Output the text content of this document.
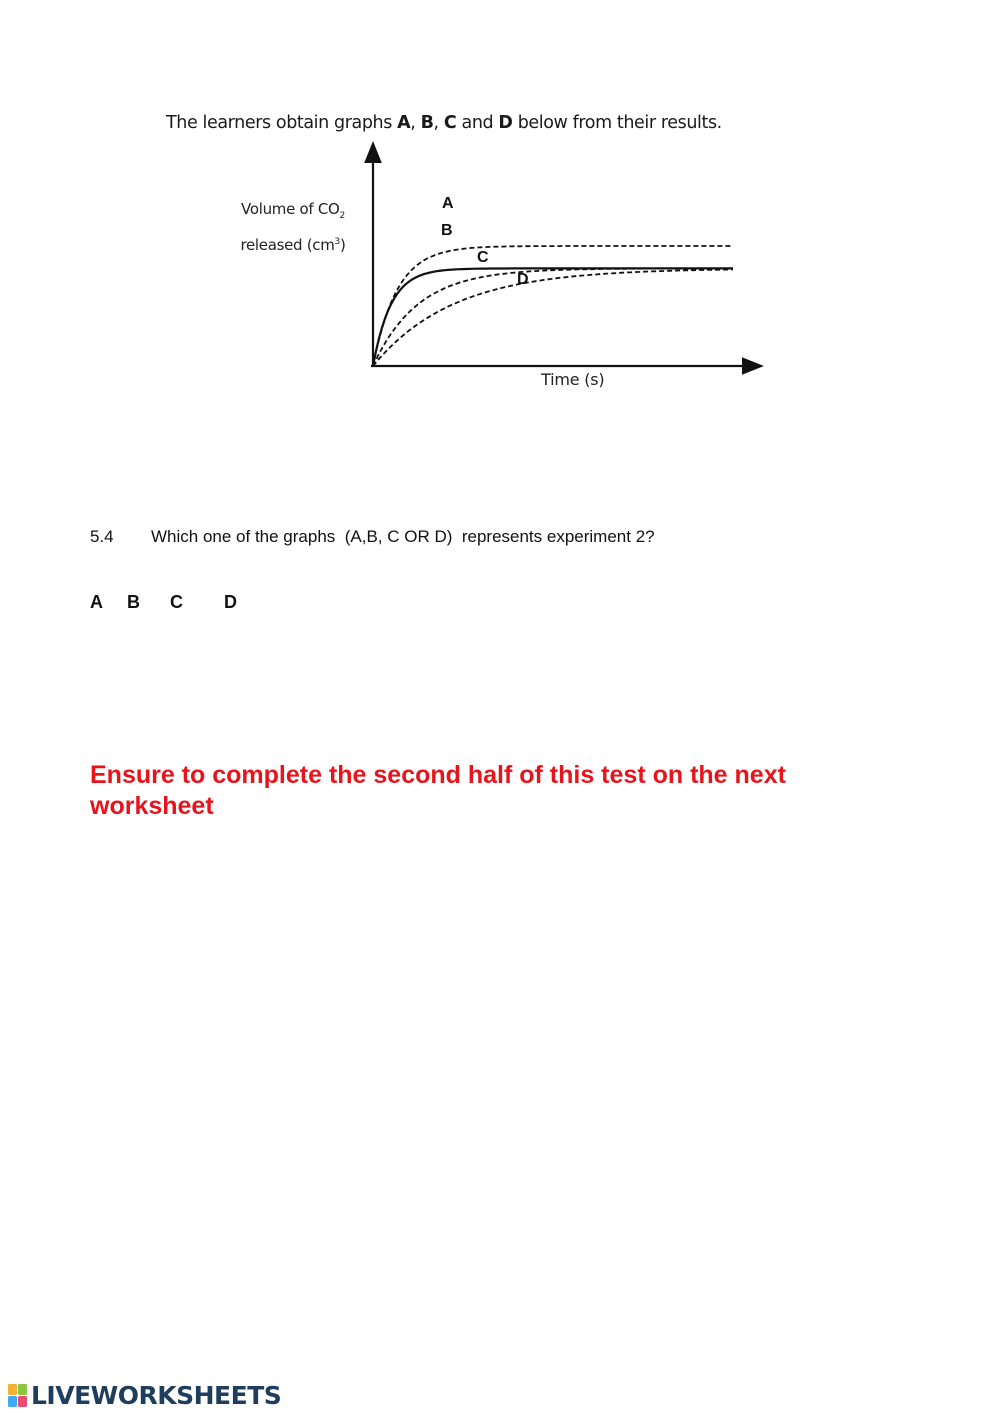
The learners obtain graphs A, B, C and D below from their results.
Volume of $CO_2$
released $(cm^3)$
A
B
C
D
Time (s)
5.4 Which one of the graphs  (A,B, C OR D)  represents experiment 2?
A B C D
Ensure to complete the second half of this test on the next worksheet
LIVEWORKSHEETS
